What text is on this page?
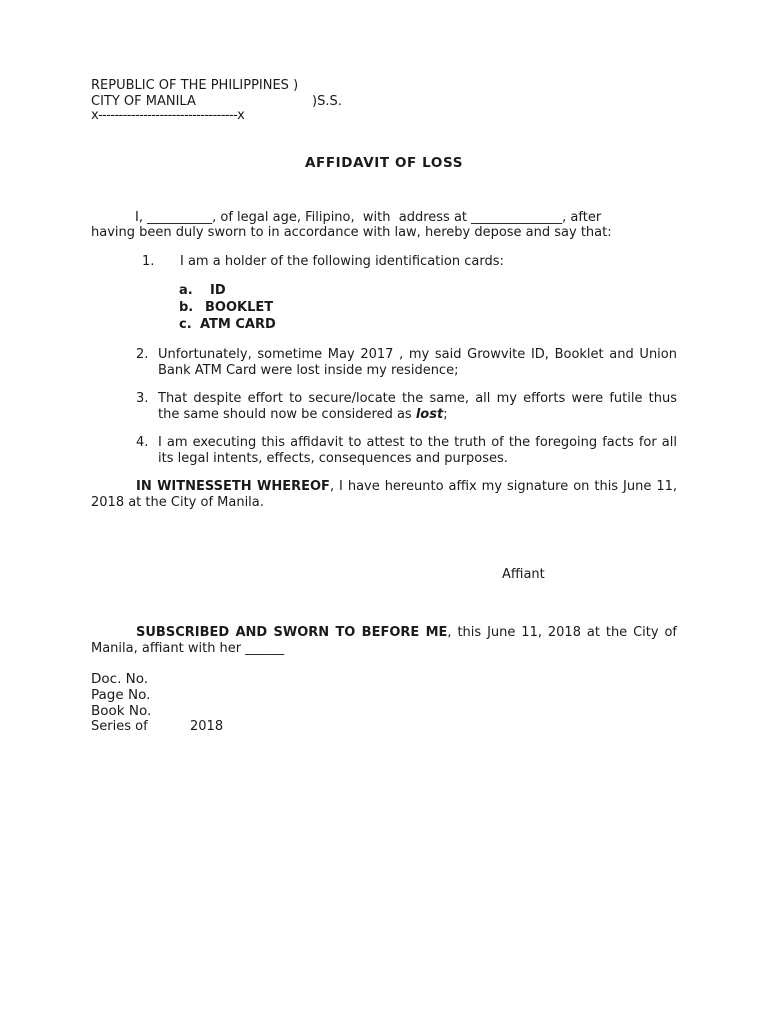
REPUBLIC OF THE PHILIPPINES )
CITY OF MANILA	)S.S.
x----------------------------------x
AFFIDAVIT OF LOSS
I, __________, of legal age, Filipino,  with  address at ______________, after
having been duly sworn to in accordance with law, hereby depose and say that:
1. I am a holder of the following identification cards:
a. ID
b. BOOKLET
c. ATM CARD
2. Unfortunately, sometime May 2017 , my said Growvite ID, Booklet and Union Bank ATM Card were lost inside my residence;
3. That despite effort to secure/locate the same, all my efforts were futile thus the same should now be considered as lost;
4. I am executing this affidavit to attest to the truth of the foregoing facts for all its legal intents, effects, consequences and purposes.
IN WITNESSETH WHEREOF, I have hereunto affix my signature on this June 11, 2018 at the City of Manila.
Affiant
SUBSCRIBED AND SWORN TO BEFORE ME, this June 11, 2018 at the City of Manila, affiant with her ______
Doc. No.
Page No.
Book No.
Series of	2018
